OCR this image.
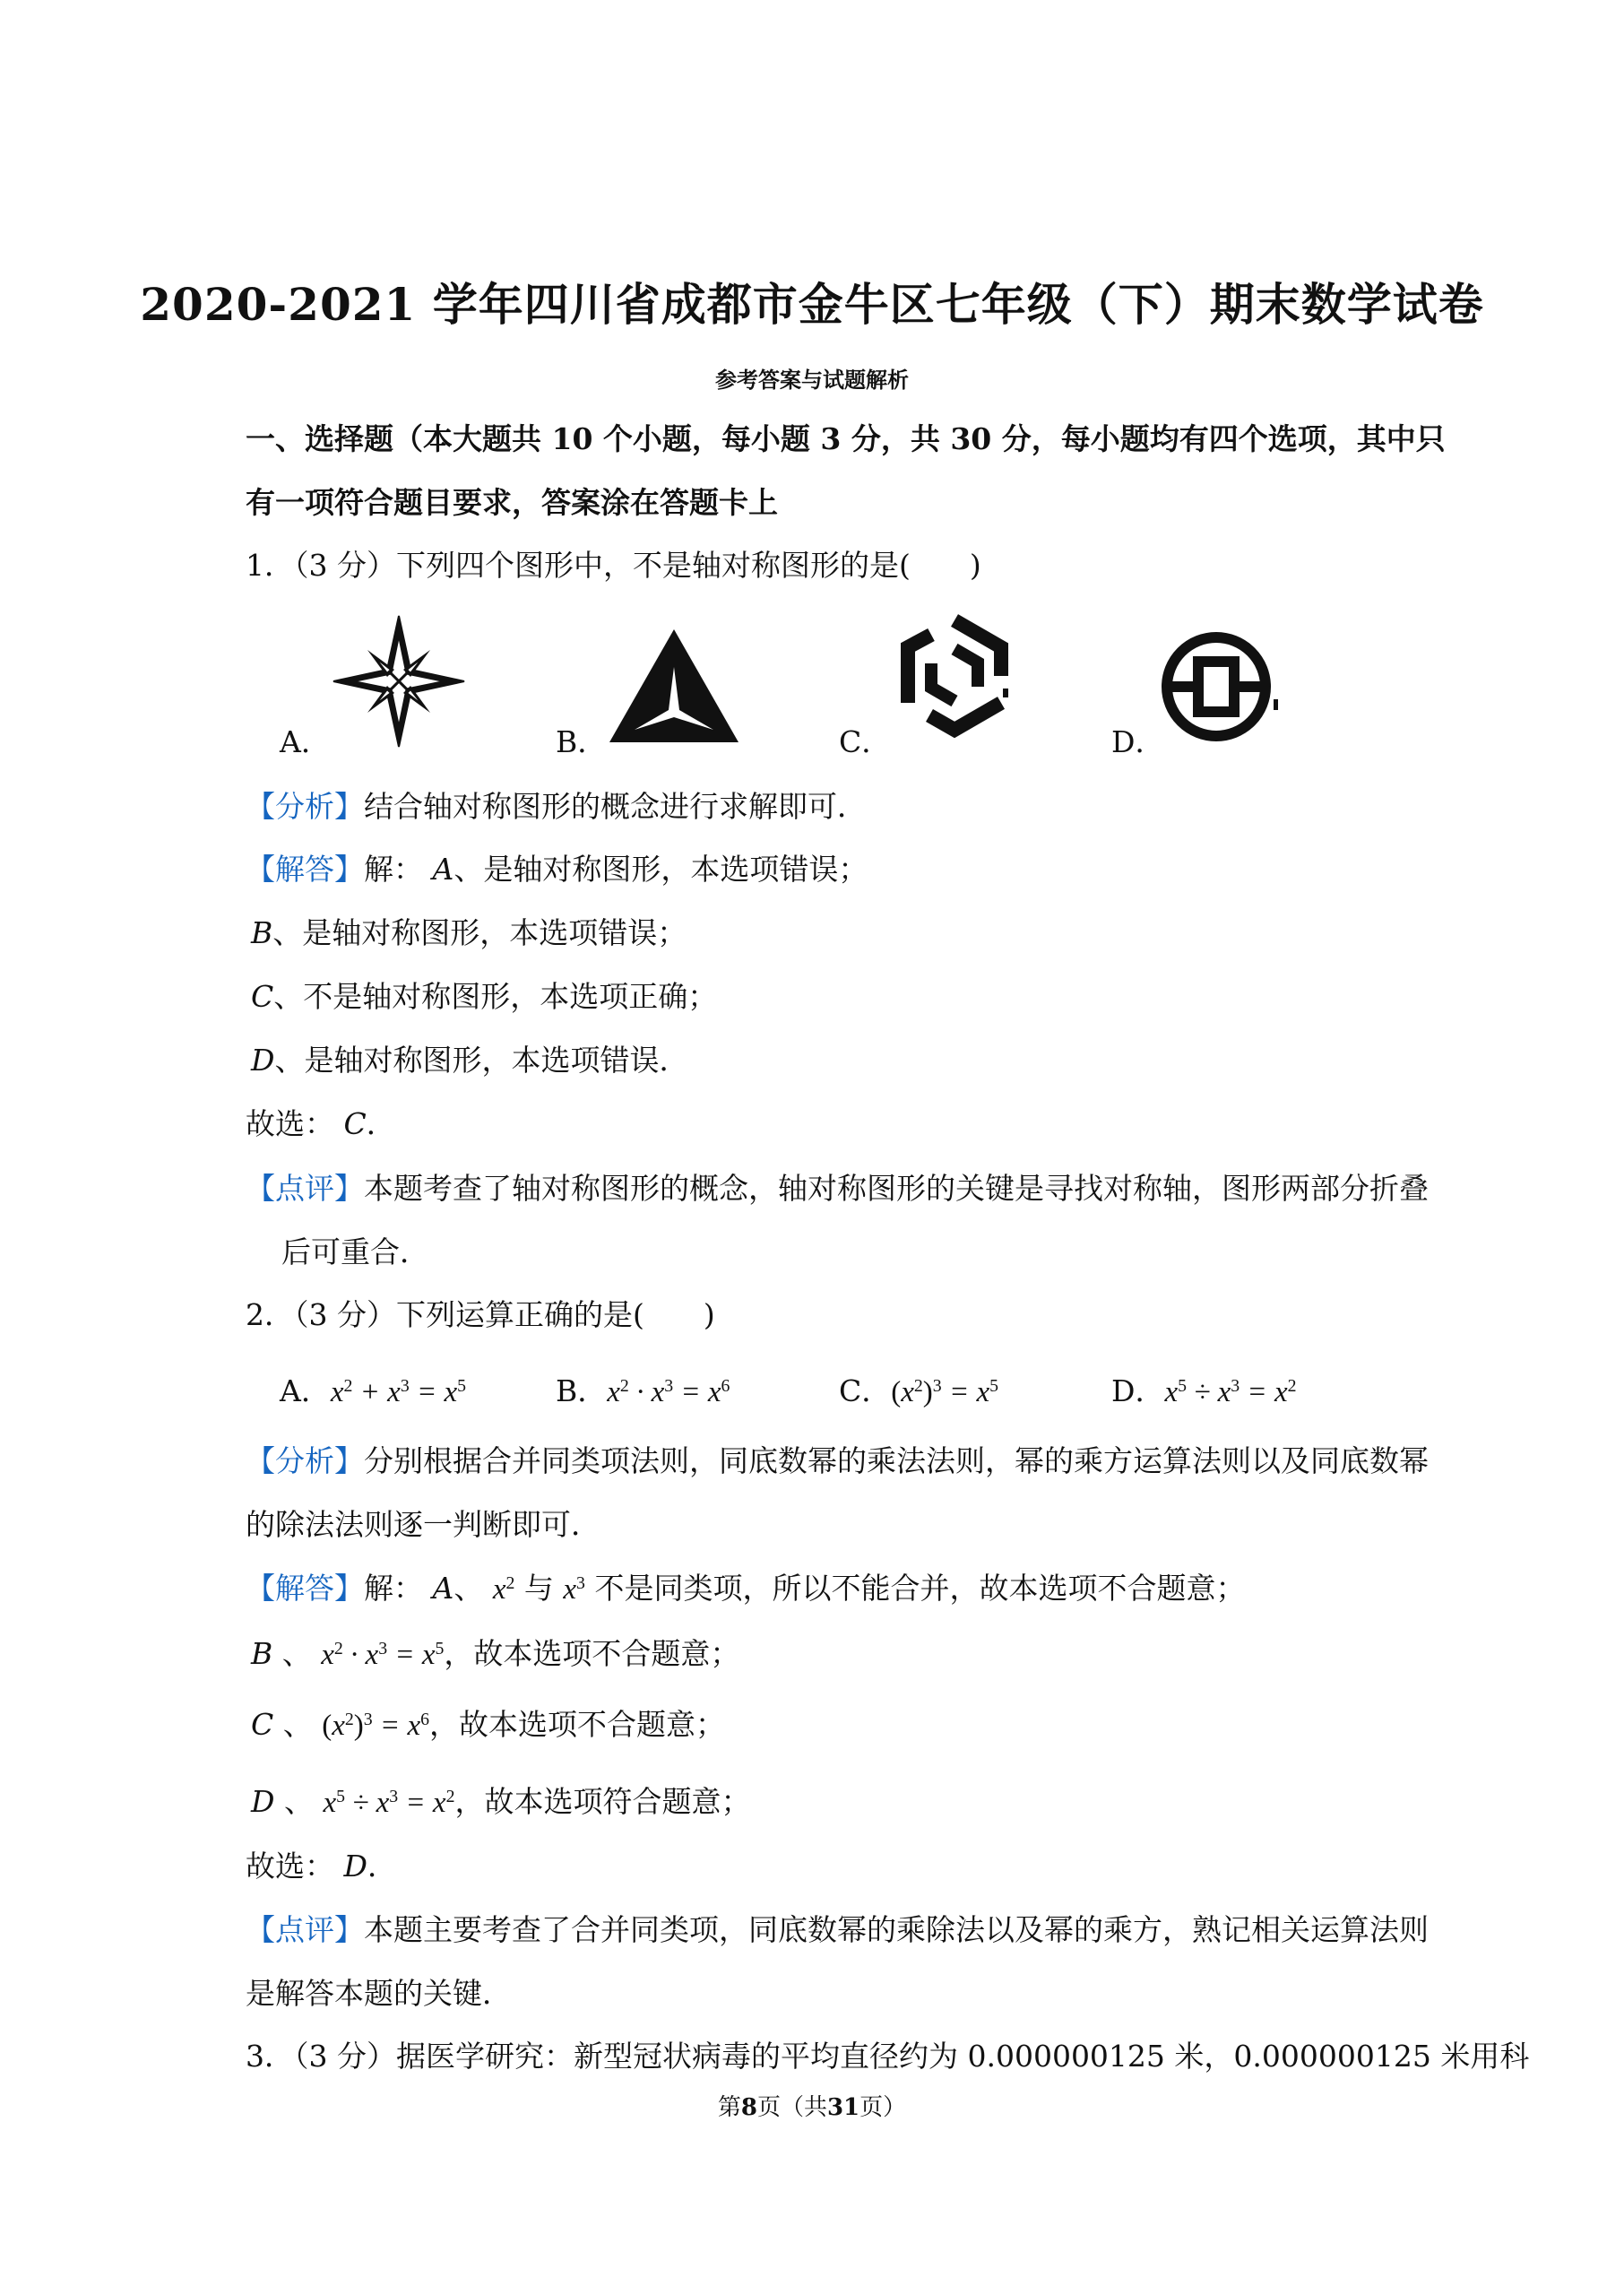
2020-2021 学年四川省成都市金牛区七年级（下）期末数学试卷
参考答案与试题解析
一、选择题（本大题共 10 个小题，每小题 3 分，共 30 分，每小题均有四个选项，其中只
有一项符合题目要求，答案涂在答题卡上
1．（3 分）下列四个图形中，不是轴对称图形的是(　　)
A．	B．	C．	D．
【分析】结合轴对称图形的概念进行求解即可．
【解答】解： A、是轴对称图形，本选项错误；
B、是轴对称图形，本选项错误；
C、不是轴对称图形，本选项正确；
D、是轴对称图形，本选项错误．
故选： C．
【点评】本题考查了轴对称图形的概念，轴对称图形的关键是寻找对称轴，图形两部分折叠
后可重合．
2．（3 分）下列运算正确的是(　　)
A．$x^2 + x^3 = x^5$	B．$x^2 \cdot x^3 = x^6$	C．$(x^2)^3 = x^5$	D．$x^5 \div x^3 = x^2$
【分析】分别根据合并同类项法则，同底数幂的乘法法则，幂的乘方运算法则以及同底数幂
的除法法则逐一判断即可．
【解答】解： A、 $x^2$ 与 $x^3$ 不是同类项，所以不能合并，故本选项不合题意；
B 、 $x^2 \cdot x^3 = x^5$，故本选项不合题意；
C 、 $(x^2)^3 = x^6$，故本选项不合题意；
D 、 $x^5 \div x^3 = x^2$，故本选项符合题意；
故选： D．
【点评】本题主要考查了合并同类项，同底数幂的乘除法以及幂的乘方，熟记相关运算法则
是解答本题的关键．
3．（3 分）据医学研究：新型冠状病毒的平均直径约为 0.000000125 米，0.000000125 米用科
第8页（共31页）
